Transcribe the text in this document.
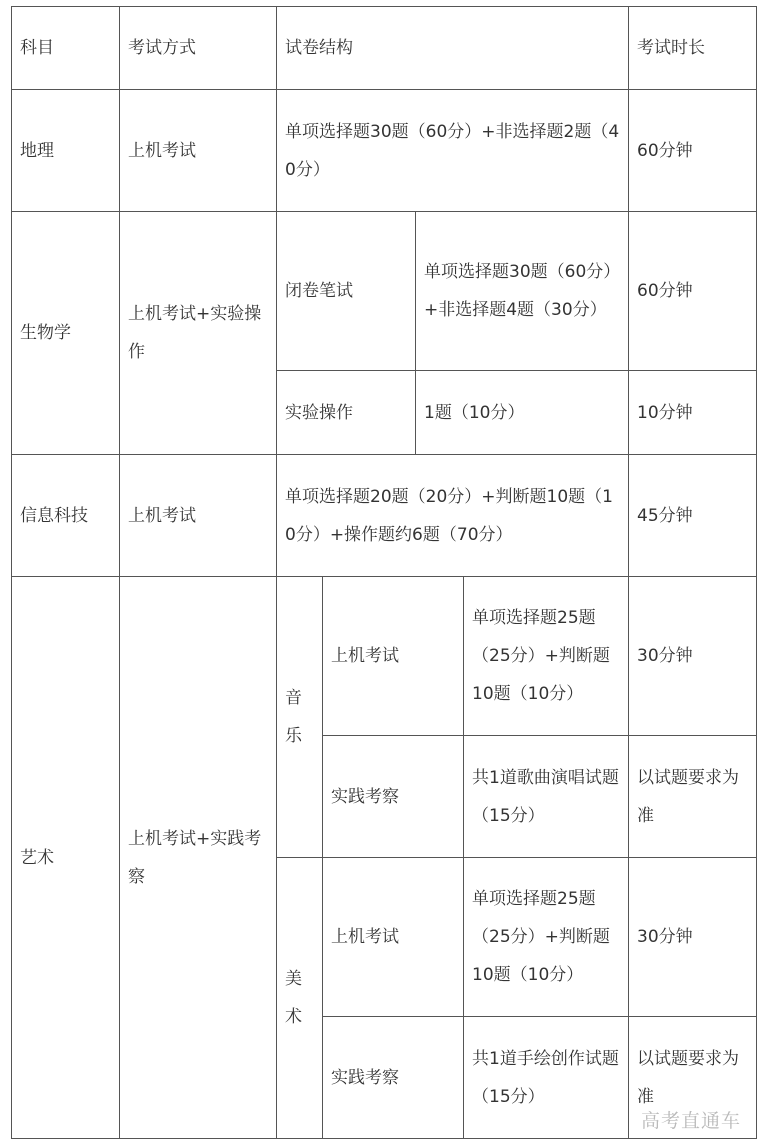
科目	考试方式	试卷结构				考试时长
地理	上机考试	单项选择题30题（60分）+非选择题2题（40分）				60分钟
生物学	上机考试+实验操作	闭卷笔试		单项选择题30题（60分）+非选择题4题（30分）		60分钟
		实验操作		1题（10分）		10分钟
信息科技	上机考试	单项选择题20题（20分）+判断题10题（10分）+操作题约6题（70分）				45分钟
艺术	上机考试+实践考察	音乐	上机考试		单项选择题25题（25分）+判断题10题（10分）	30分钟
			实践考察		共1道歌曲演唱试题（15分）	以试题要求为准
		美术	上机考试		单项选择题25题（25分）+判断题10题（10分）	30分钟
			实践考察		共1道手绘创作试题（15分）	以试题要求为准
高考直通车
